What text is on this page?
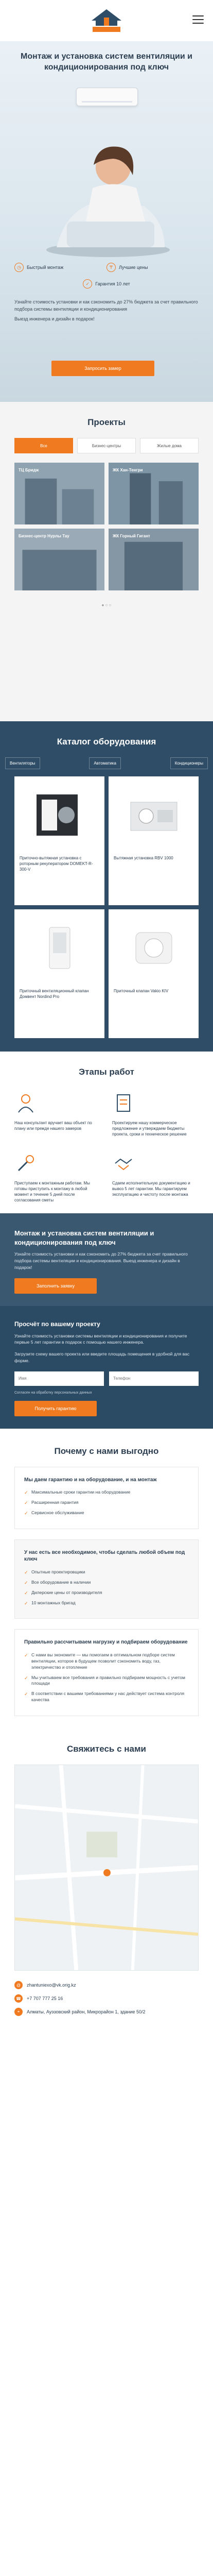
Монтаж и установка систем вентиляции и кондиционирования под ключ
◷	Быстрый монтаж	₸	Лучшие цены
✓	Гарантия 10 лет

Узнайте стоимость установки и как сэкономить до 27% бюджета за счет правильного подбора системы вентиляции и кондиционирования

Выезд инженера и дизайн в подарок!

Запросить замер
Проекты
Все	Бизнес-центры	Жилые дома
ТЦ Бридж	ЖК Хан-Тенгри
Бизнес-центр Нурлы Тау	ЖК Горный Гигант
● ○ ○
Каталог оборудования
Вентиляторы	Автоматика	Кондиционеры
Приточно-вытяжная установка с роторным рекуператором DOMEKT-R-300-V
Вытяжная установка RBV 1000
Приточный вентиляционный клапан Домвент Nordind Pro
Приточный клапан Vakio KIV
Этапы работ
Наш консультант вручает ваш объект по плану или прежде нашего замеров
Проектируем нашу коммерческое предложение и утверждаем бюджеты проекта, сроки и техническое решение
Приступаем к монтажным работам. Мы готовы приступить к монтажу в любой момент и течение 5 дней после согласования сметы
Сдаем исполнительную документацию и вывоз 5 лет гарантии. Мы гарантируем эксплуатацию и чистоту после монтажа
Монтаж и установка систем вентиляции и кондиционирования под ключ

Узнайте стоимость установки и как сэкономить до 27% бюджета за счет правильного подбора системы вентиляции и кондиционирования. Выезд инженера и дизайн в подарок!

Заполнить заявку
Просчёт по вашему проекту

Узнайте стоимость установки системы вентиляции и кондиционирования и получите первые 5 лет гарантии в подарок с помощью нашего инженера.

Загрузите схему вашего проекта или введите площадь помещения в удобной для вас форме.

Имя
Телефон
Согласен на обработку персональных данных
Получить гарантию
Почему с нами выгодно
Мы даем гарантию и на оборудование, и на монтаж
✓ Максимальные сроки гарантии на оборудование
✓ Расширенная гарантия
✓ Сервисное обслуживание
У нас есть все необходимое, чтобы сделать любой объем под ключ
✓ Опытные проектировщики
✓ Все оборудование в наличии
✓ Дилерские цены от производителя
✓ 10 монтажных бригад
Правильно рассчитываем нагрузку и подбираем оборудование
✓ С нами вы экономите — мы помогаем в оптимальном подборе систем вентиляции, которое в будущем позволит сэкономить воду, газ, электричество и отопление
✓ Мы учитываем все требования и правильно подбираем мощность с учетом площади
✓ В соответствии с вашими требованиями у нас действует система контроля качества
Свяжитесь с нами
@	zhantuniexo@vk.orig.kz
☎	+7 707 777 25 16
⌖	Алматы, Ауэзовский район, Микрорайон 1, здание 50/2
